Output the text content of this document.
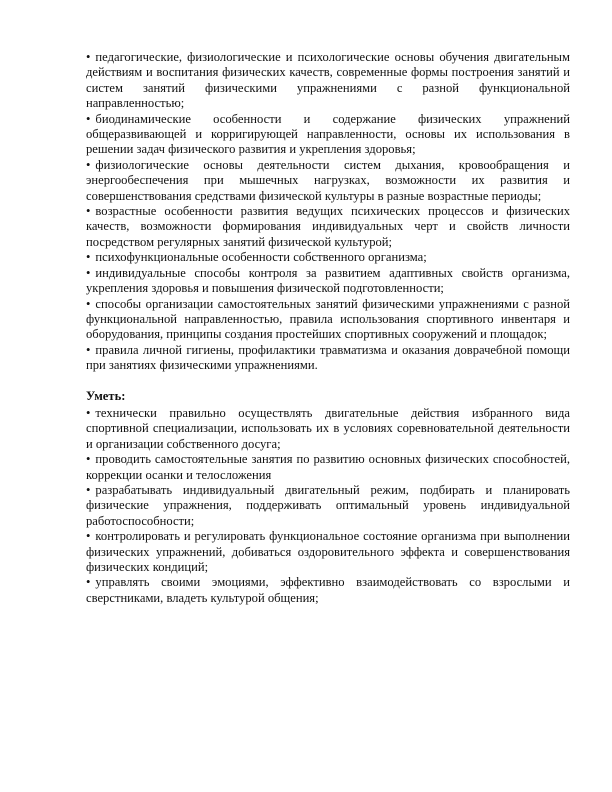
• педагогические, физиологические и психологические основы обучения двигательным действиям и воспитания физических качеств, современные формы построения занятий и систем занятий физическими упражнениями с разной функциональной направленностью;

• биодинамические особенности и содержание физических упражнений общеразвивающей и корригирующей направленности, основы их использования в решении задач физического развития и укрепления здоровья;

• физиологические основы деятельности систем дыхания, кровообращения и энергообеспечения при мышечных нагрузках, возможности их развития и совершенствования средствами физической культуры в разные возрастные периоды;

• возрастные особенности развития ведущих психических процессов и физических качеств, возможности формирования индивидуальных черт и свойств личности посредством регулярных занятий физической культурой;

• психофункциональные особенности собственного организма;

• индивидуальные способы контроля за развитием адаптивных свойств организма, укрепления здоровья и повышения физической подготовленности;

• способы организации самостоятельных занятий физическими упражнениями с разной функциональной направленностью, правила использования спортивного инвентаря и оборудования, принципы создания простейших спортивных сооружений и площадок;

• правила личной гигиены, профилактики травматизма и оказания доврачебной помощи при занятиях физическими упражнениями.

Уметь:

• технически правильно осуществлять двигательные действия избранного вида спортивной специализации, использовать их в условиях соревновательной деятельности и организации собственного досуга;

• проводить самостоятельные занятия по развитию основных физических способностей, коррекции осанки и телосложения

• разрабатывать индивидуальный двигательный режим, подбирать и планировать физические упражнения, поддерживать оптимальный уровень индивидуальной работоспособности;

• контролировать и регулировать функциональное состояние организма при выполнении физических упражнений, добиваться оздоровительного эффекта и совершенствования физических кондиций;

• управлять своими эмоциями, эффективно взаимодействовать со взрослыми и сверстниками, владеть культурой общения;
